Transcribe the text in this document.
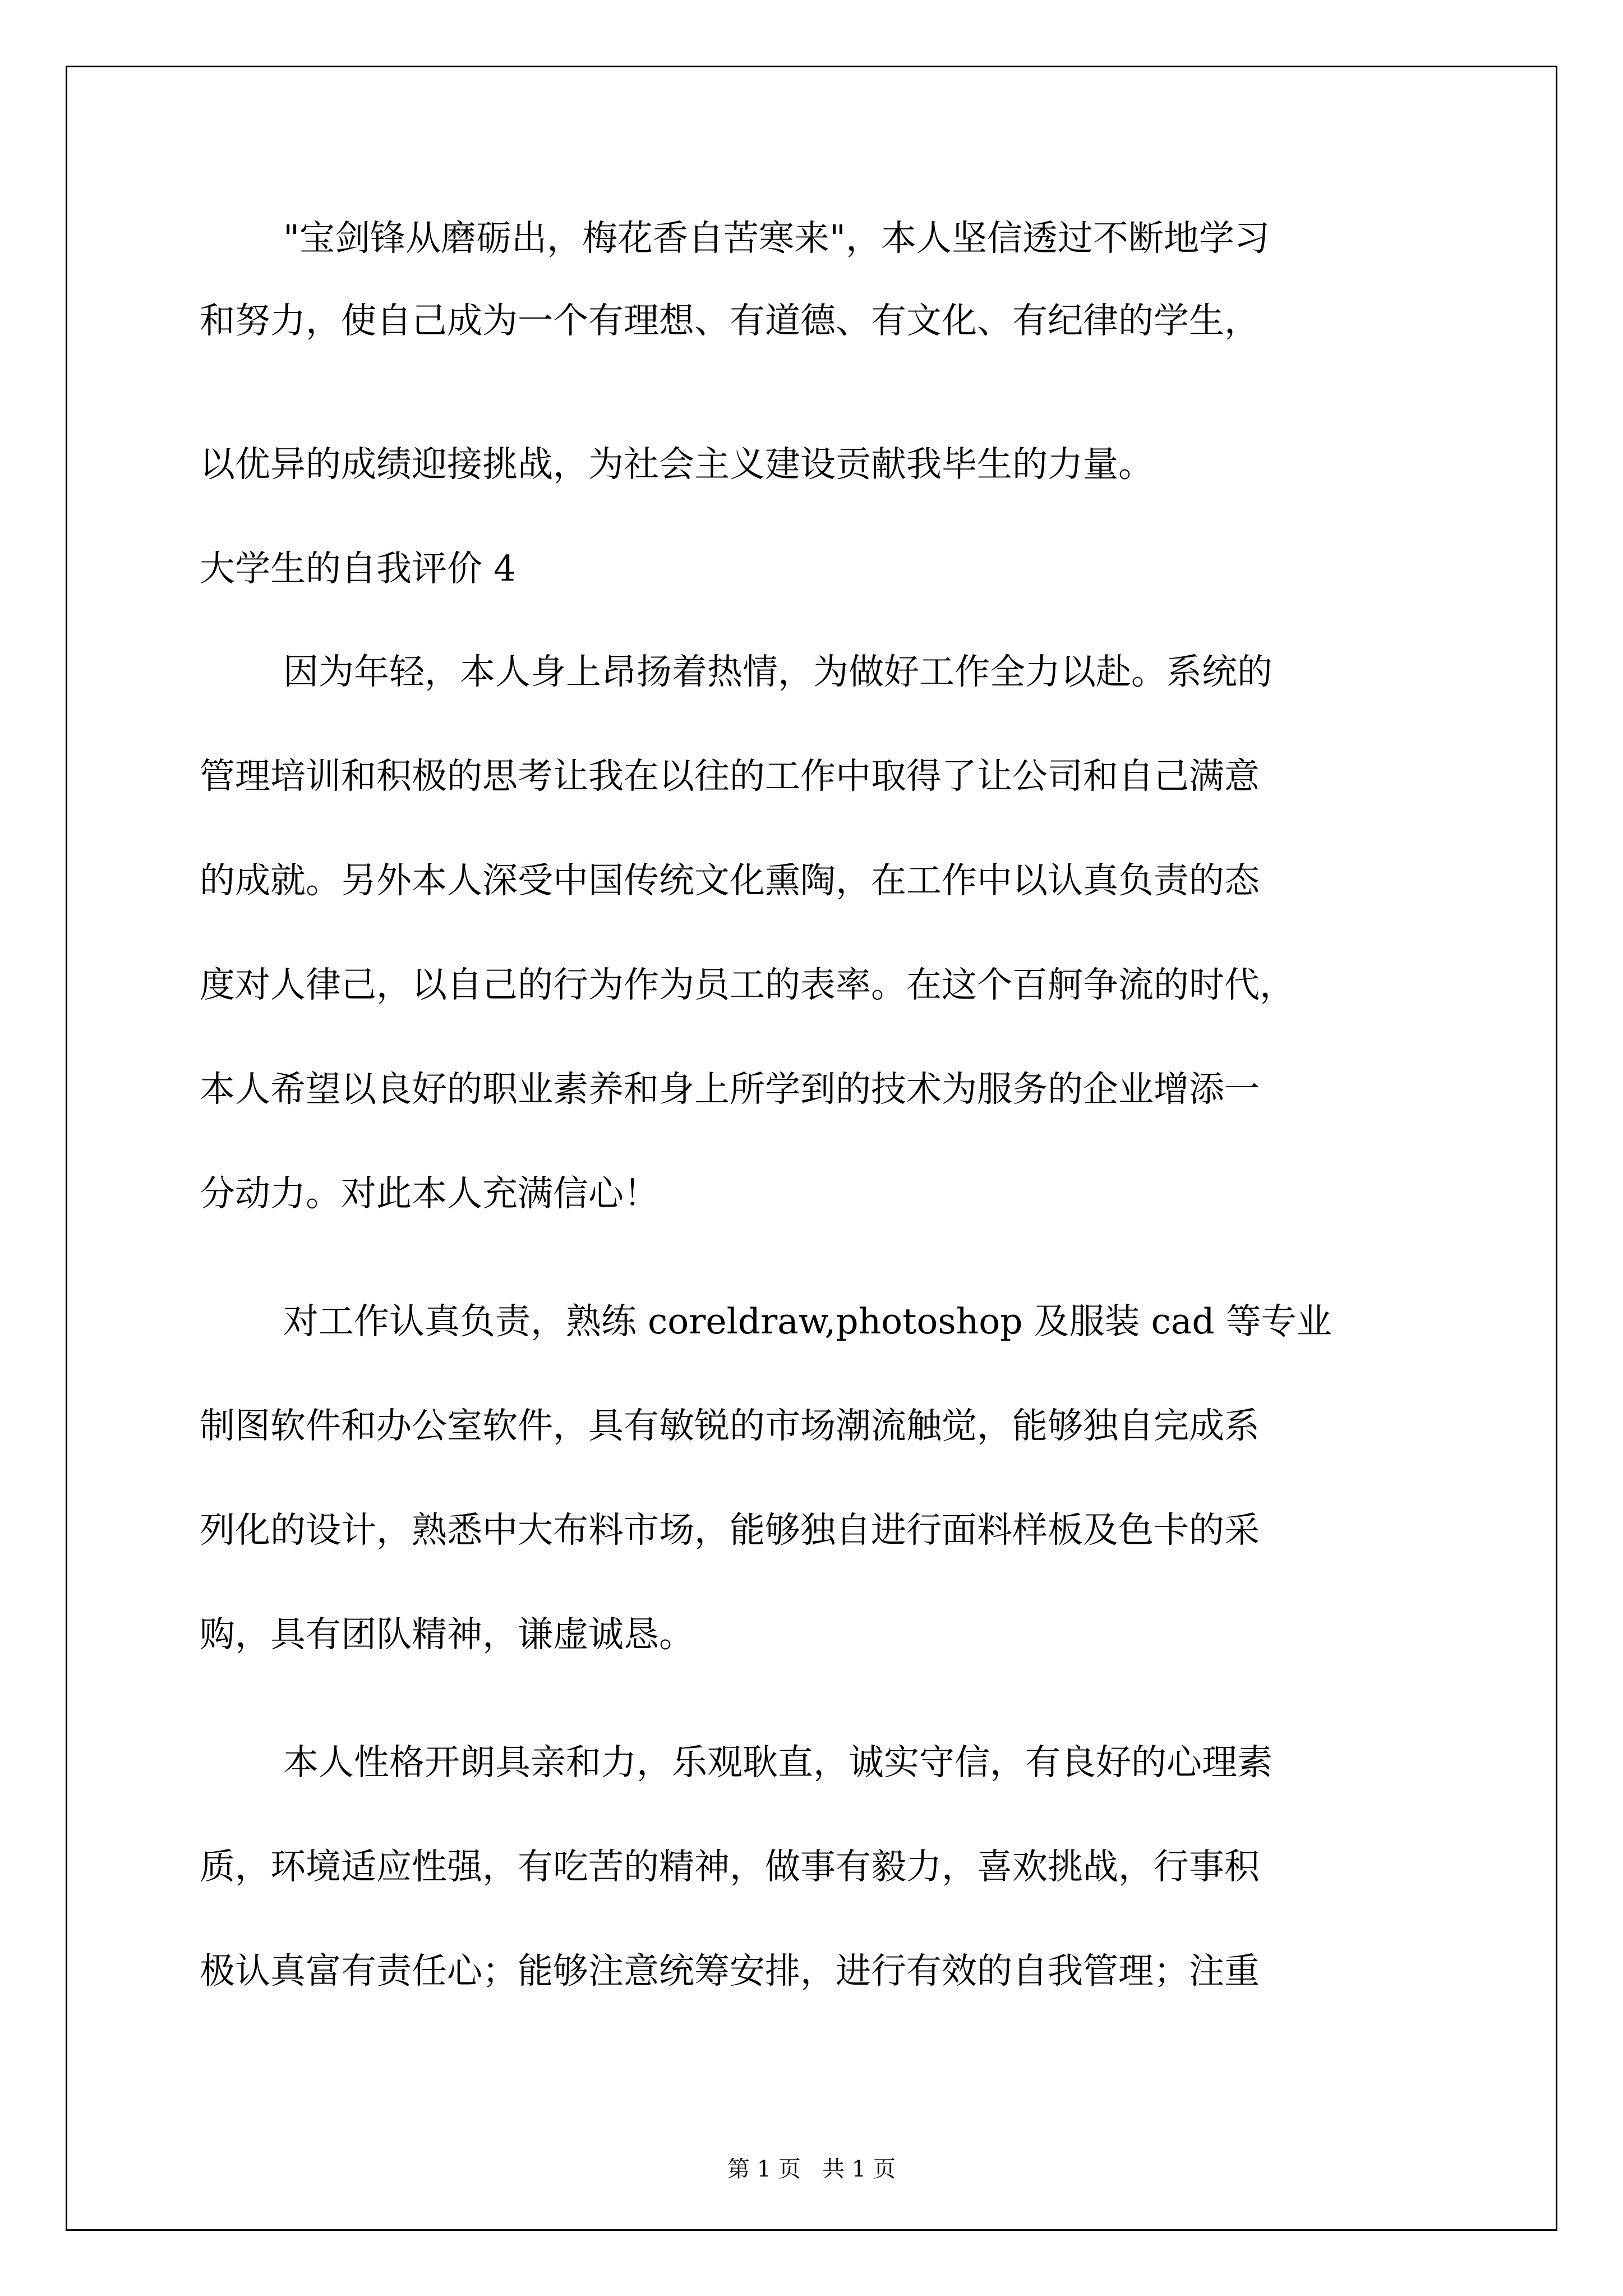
"宝剑锋从磨砺出，梅花香自苦寒来"，本人坚信透过不断地学习

和努力，使自己成为一个有理想、有道德、有文化、有纪律的学生，

以优异的成绩迎接挑战，为社会主义建设贡献我毕生的力量。

大学生的自我评价 4

因为年轻，本人身上昂扬着热情，为做好工作全力以赴。系统的

管理培训和积极的思考让我在以往的工作中取得了让公司和自己满意

的成就。另外本人深受中国传统文化熏陶，在工作中以认真负责的态

度对人律己，以自己的行为作为员工的表率。在这个百舸争流的时代，

本人希望以良好的职业素养和身上所学到的技术为服务的企业增添一

分动力。对此本人充满信心！

对工作认真负责，熟练 coreldraw,photoshop 及服装 cad 等专业

制图软件和办公室软件，具有敏锐的市场潮流触觉，能够独自完成系

列化的设计，熟悉中大布料市场，能够独自进行面料样板及色卡的采

购，具有团队精神，谦虚诚恳。

本人性格开朗具亲和力，乐观耿直，诚实守信，有良好的心理素

质，环境适应性强，有吃苦的精神，做事有毅力，喜欢挑战，行事积

极认真富有责任心；能够注意统筹安排，进行有效的自我管理；注重

第 1 页   共 1 页
